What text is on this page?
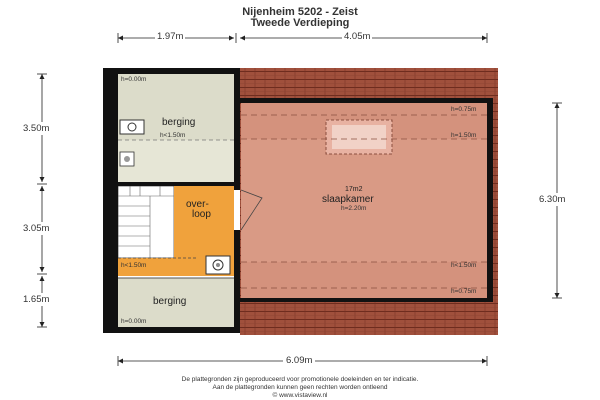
Nijenheim 5202 - Zeist
Tweede Verdieping
1.97m	4.05m
3.50m
3.05m
1.65m
6.30m
6.09m
h=0.00m
berging
h<1.50m
over-
loop
h=0.75m
h=1.50m
17m2
slaapkamer
h=2.20m
h<1.50m
h=0.75m
h<1.50m
berging
h=0.00m
De plattegronden zijn geproduceerd voor promotionele doeleinden en ter indicatie.
Aan de plattegronden kunnen geen rechten worden ontleend
© www.vistaview.nl
